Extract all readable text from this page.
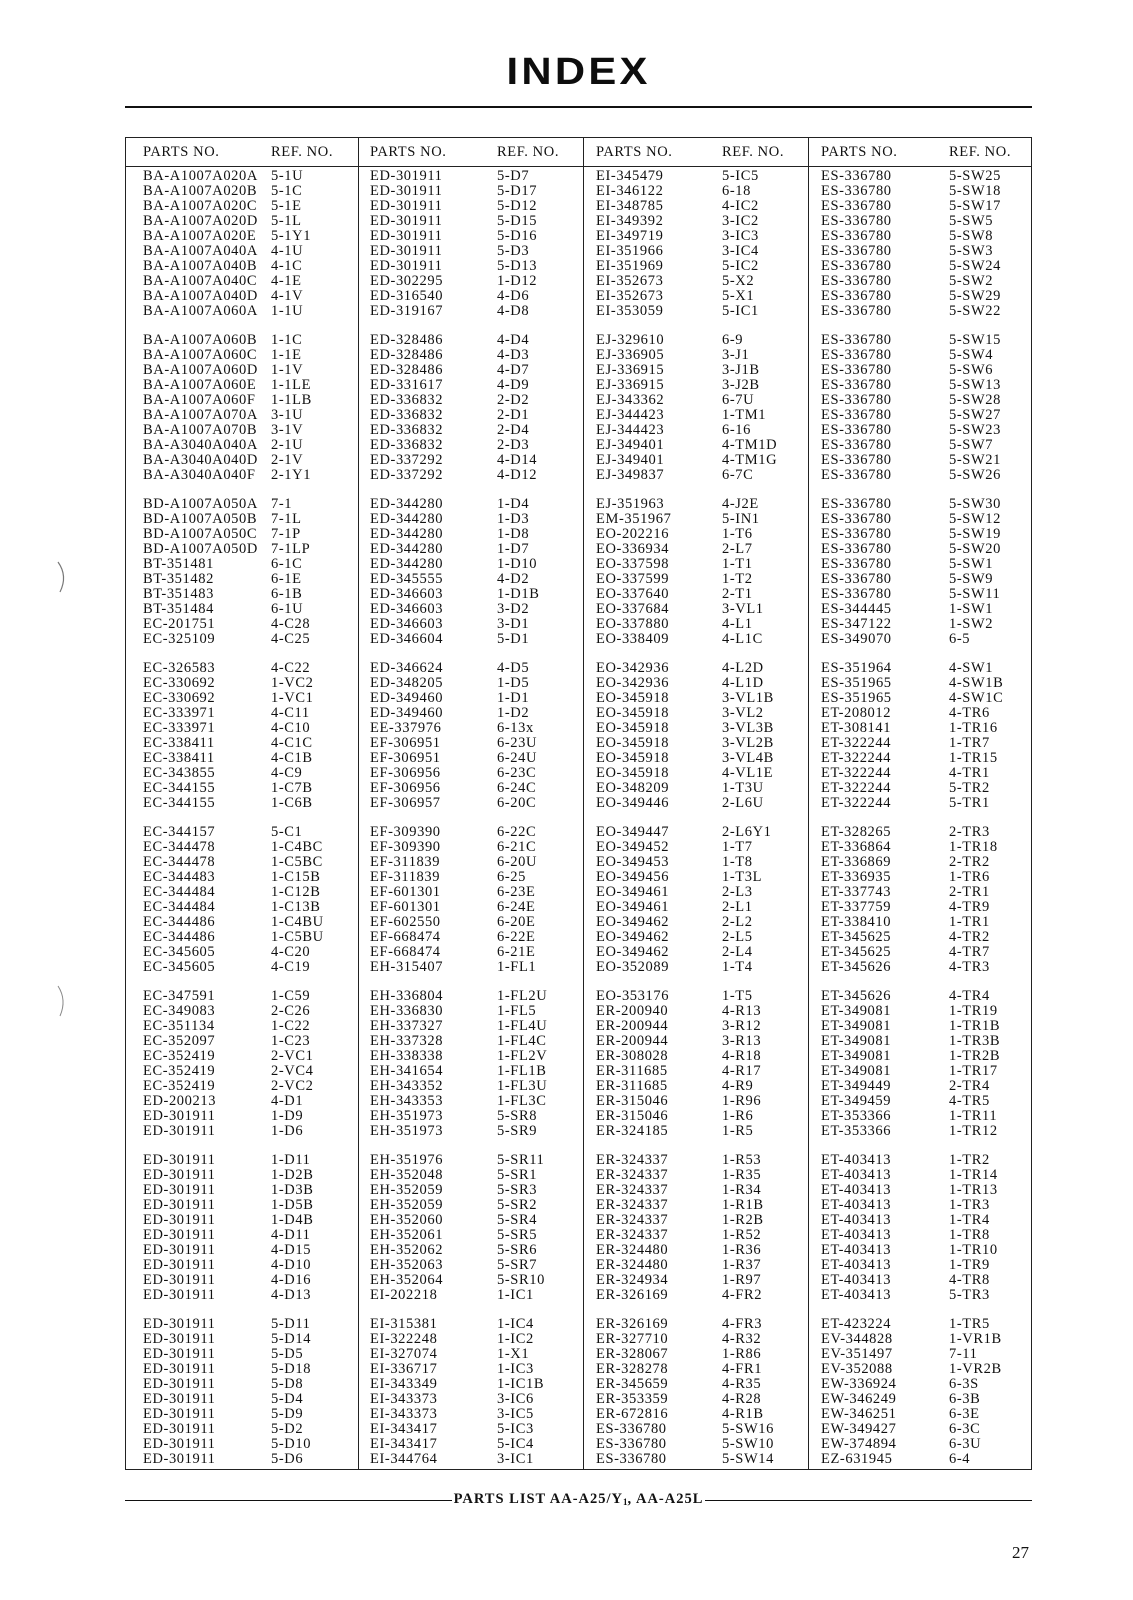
INDEX
PARTS NO.	REF. NO.
BA-A1007A020A 5-1U
BA-A1007A020B 5-1C
BA-A1007A020C 5-1E
BA-A1007A020D 5-1L
BA-A1007A020E	5-1Y1
BA-A1007A040A 4-1U
BA-A1007A040B 4-1C
BA-A1007A040C 4-1E
BA-A1007A040D 4-1V
BA-A1007A060A 1-1U
BA-A1007A060B 1-1C
BA-A1007A060C 1-1E
BA-A1007A060D 1-1V
BA-A1007A060E	1-1LE
BA-A1007A060F	1-1LB
BA-A1007A070A 3-1U
BA-A1007A070B 3-1V
BA-A3040A040A 2-1U
BA-A3040A040D 2-1V
BA-A3040A040F	2-1Y1
BD-A1007A050A 7-1
BD-A1007A050B 7-1L
BD-A1007A050C 7-1P
BD-A1007A050D 7-1LP
BT-351481	6-1C
BT-351482	6-1E
BT-351483	6-1B
BT-351484	6-1U
EC-201751	4-C28
EC-325109	4-C25
EC-326583	4-C22
EC-330692	1-VC2
EC-330692	1-VC1
EC-333971	4-C11
EC-333971	4-C10
EC-338411	4-C1C
EC-338411	4-C1B
EC-343855	4-C9
EC-344155	1-C7B
EC-344155	1-C6B
EC-344157	5-C1
EC-344478	1-C4BC
EC-344478	1-C5BC
EC-344483	1-C15B
EC-344484	1-C12B
EC-344484	1-C13B
EC-344486	1-C4BU
EC-344486	1-C5BU
EC-345605	4-C20
EC-345605	4-C19
EC-347591	1-C59
EC-349083	2-C26
EC-351134	1-C22
EC-352097	1-C23
EC-352419	2-VC1
EC-352419	2-VC4
EC-352419	2-VC2
ED-200213	4-D1
ED-301911	1-D9
ED-301911	1-D6
ED-301911	1-D11
ED-301911	1-D2B
ED-301911	1-D3B
ED-301911	1-D5B
ED-301911	1-D4B
ED-301911	4-D11
ED-301911	4-D15
ED-301911	4-D10
ED-301911	4-D16
ED-301911	4-D13
ED-301911	5-D11
ED-301911	5-D14
ED-301911	5-D5
ED-301911	5-D18
ED-301911	5-D8
ED-301911	5-D4
ED-301911	5-D9
ED-301911	5-D2
ED-301911	5-D10
ED-301911	5-D6
PARTS NO.	REF. NO.
ED-301911	5-D7
ED-301911	5-D17
ED-301911	5-D12
ED-301911	5-D15
ED-301911	5-D16
ED-301911	5-D3
ED-301911	5-D13
ED-302295	1-D12
ED-316540	4-D6
ED-319167	4-D8
ED-328486	4-D4
ED-328486	4-D3
ED-328486	4-D7
ED-331617	4-D9
ED-336832	2-D2
ED-336832	2-D1
ED-336832	2-D4
ED-336832	2-D3
ED-337292	4-D14
ED-337292	4-D12
ED-344280	1-D4
ED-344280	1-D3
ED-344280	1-D8
ED-344280	1-D7
ED-344280	1-D10
ED-345555	4-D2
ED-346603	1-D1B
ED-346603	3-D2
ED-346603	3-D1
ED-346604	5-D1
ED-346624	4-D5
ED-348205	1-D5
ED-349460	1-D1
ED-349460	1-D2
EE-337976	6-13x
EF-306951	6-23U
EF-306951	6-24U
EF-306956	6-23C
EF-306956	6-24C
EF-306957	6-20C
EF-309390	6-22C
EF-309390	6-21C
EF-311839	6-20U
EF-311839	6-25
EF-601301	6-23E
EF-601301	6-24E
EF-602550	6-20E
EF-668474	6-22E
EF-668474	6-21E
EH-315407	1-FL1
EH-336804	1-FL2U
EH-336830	1-FL5
EH-337327	1-FL4U
EH-337328	1-FL4C
EH-338338	1-FL2V
EH-341654	1-FL1B
EH-343352	1-FL3U
EH-343353	1-FL3C
EH-351973	5-SR8
EH-351973	5-SR9
EH-351976	5-SR11
EH-352048	5-SR1
EH-352059	5-SR3
EH-352059	5-SR2
EH-352060	5-SR4
EH-352061	5-SR5
EH-352062	5-SR6
EH-352063	5-SR7
EH-352064	5-SR10
EI-202218	1-IC1
EI-315381	1-IC4
EI-322248	1-IC2
EI-327074	1-X1
EI-336717	1-IC3
EI-343349	1-IC1B
EI-343373	3-IC6
EI-343373	3-IC5
EI-343417	5-IC3
EI-343417	5-IC4
EI-344764	3-IC1
PARTS NO.	REF. NO.
EI-345479	5-IC5
EI-346122	6-18
EI-348785	4-IC2
EI-349392	3-IC2
EI-349719	3-IC3
EI-351966	3-IC4
EI-351969	5-IC2
EI-352673	5-X2
EI-352673	5-X1
EI-353059	5-IC1
EJ-329610	6-9
EJ-336905	3-J1
EJ-336915	3-J1B
EJ-336915	3-J2B
EJ-343362	6-7U
EJ-344423	1-TM1
EJ-344423	6-16
EJ-349401	4-TM1D
EJ-349401	4-TM1G
EJ-349837	6-7C
EJ-351963	4-J2E
EM-351967	5-IN1
EO-202216	1-T6
EO-336934	2-L7
EO-337598	1-T1
EO-337599	1-T2
EO-337640	2-T1
EO-337684	3-VL1
EO-337880	4-L1
EO-338409	4-L1C
EO-342936	4-L2D
EO-342936	4-L1D
EO-345918	3-VL1B
EO-345918	3-VL2
EO-345918	3-VL3B
EO-345918	3-VL2B
EO-345918	3-VL4B
EO-345918	4-VL1E
EO-348209	1-T3U
EO-349446	2-L6U
EO-349447	2-L6Y1
EO-349452	1-T7
EO-349453	1-T8
EO-349456	1-T3L
EO-349461	2-L3
EO-349461	2-L1
EO-349462	2-L2
EO-349462	2-L5
EO-349462	2-L4
EO-352089	1-T4
EO-353176	1-T5
ER-200940	4-R13
ER-200944	3-R12
ER-200944	3-R13
ER-308028	4-R18
ER-311685	4-R17
ER-311685	4-R9
ER-315046	1-R96
ER-315046	1-R6
ER-324185	1-R5
ER-324337	1-R53
ER-324337	1-R35
ER-324337	1-R34
ER-324337	1-R1B
ER-324337	1-R2B
ER-324337	1-R52
ER-324480	1-R36
ER-324480	1-R37
ER-324934	1-R97
ER-326169	4-FR2
ER-326169	4-FR3
ER-327710	4-R32
ER-328067	1-R86
ER-328278	4-FR1
ER-345659	4-R35
ER-353359	4-R28
ER-672816	4-R1B
ES-336780	5-SW16
ES-336780	5-SW10
ES-336780	5-SW14
PARTS NO.	REF. NO.
ES-336780	5-SW25
ES-336780	5-SW18
ES-336780	5-SW17
ES-336780	5-SW5
ES-336780	5-SW8
ES-336780	5-SW3
ES-336780	5-SW24
ES-336780	5-SW2
ES-336780	5-SW29
ES-336780	5-SW22
ES-336780	5-SW15
ES-336780	5-SW4
ES-336780	5-SW6
ES-336780	5-SW13
ES-336780	5-SW28
ES-336780	5-SW27
ES-336780	5-SW23
ES-336780	5-SW7
ES-336780	5-SW21
ES-336780	5-SW26
ES-336780	5-SW30
ES-336780	5-SW12
ES-336780	5-SW19
ES-336780	5-SW20
ES-336780	5-SW1
ES-336780	5-SW9
ES-336780	5-SW11
ES-344445	1-SW1
ES-347122	1-SW2
ES-349070	6-5
ES-351964	4-SW1
ES-351965	4-SW1B
ES-351965	4-SW1C
ET-208012	4-TR6
ET-308141	1-TR16
ET-322244	1-TR7
ET-322244	1-TR15
ET-322244	4-TR1
ET-322244	5-TR2
ET-322244	5-TR1
ET-328265	2-TR3
ET-336864	1-TR18
ET-336869	2-TR2
ET-336935	1-TR6
ET-337743	2-TR1
ET-337759	4-TR9
ET-338410	1-TR1
ET-345625	4-TR2
ET-345625	4-TR7
ET-345626	4-TR3
ET-345626	4-TR4
ET-349081	1-TR19
ET-349081	1-TR1B
ET-349081	1-TR3B
ET-349081	1-TR2B
ET-349081	1-TR17
ET-349449	2-TR4
ET-349459	4-TR5
ET-353366	1-TR11
ET-353366	1-TR12
ET-403413	1-TR2
ET-403413	1-TR14
ET-403413	1-TR13
ET-403413	1-TR3
ET-403413	1-TR4
ET-403413	1-TR8
ET-403413	1-TR10
ET-403413	1-TR9
ET-403413	4-TR8
ET-403413	5-TR3
ET-423224	1-TR5
EV-344828	1-VR1B
EV-351497	7-11
EV-352088	1-VR2B
EW-336924	6-3S
EW-346249	6-3B
EW-346251	6-3E
EW-349427	6-3C
EW-374894	6-3U
EZ-631945	6-4
PARTS LIST $AA-A25/Y_1$, AA-A25L
27
